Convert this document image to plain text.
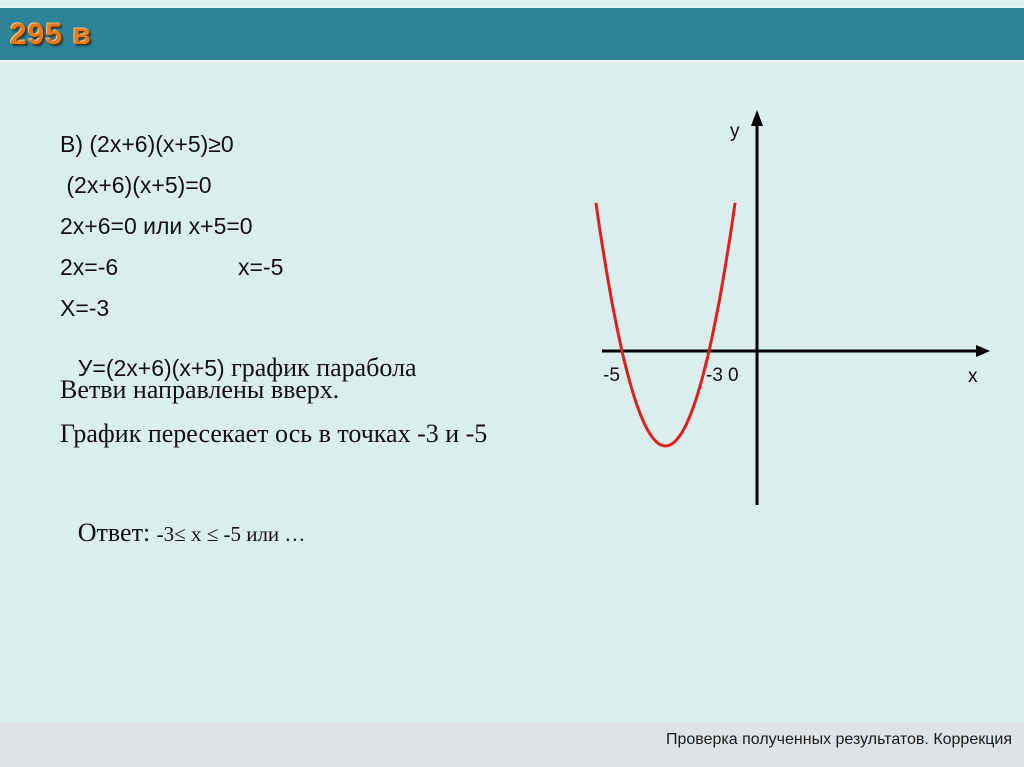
295 в
В) (2х+6)(х+5)≥0
(2х+6)(х+5)=0
2х+6=0 или х+5=0
2х=-6	х=-5
Х=-3

У=(2х+6)(х+5) график парабола

Ветви направлены вверх.
График пересекает ось в точках -3 и -5

Ответ: -3≤ х ≤ -5 или …

у
х
-5	-3 0
Проверка полученных результатов. Коррекция
